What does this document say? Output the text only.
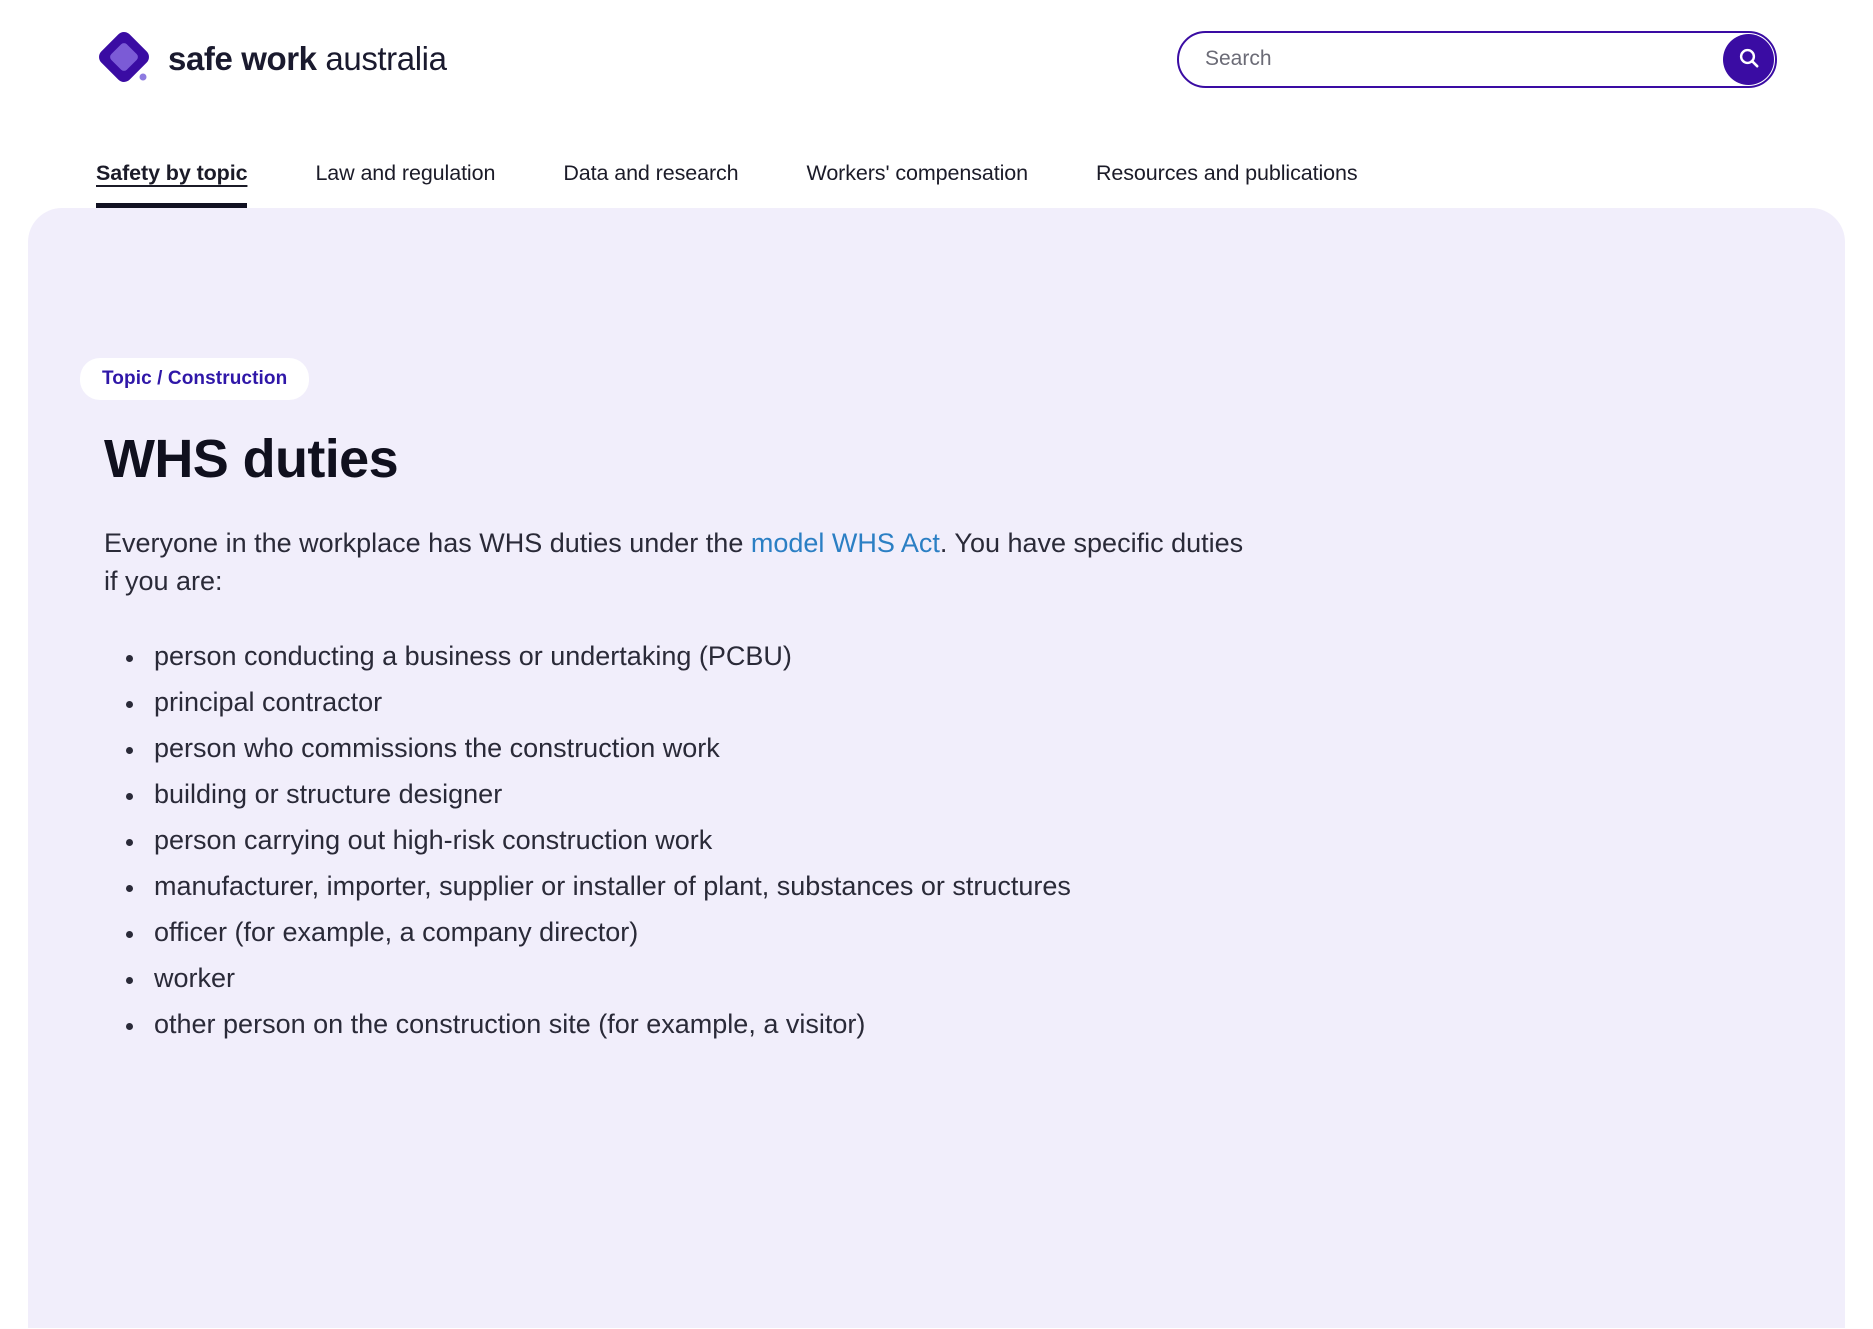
safe work australia
Search
Safety by topic	Law and regulation	Data and research	Workers' compensation	Resources and publications
Topic / Construction
WHS duties

Everyone in the workplace has WHS duties under the model WHS Act. You have specific duties if you are:

• person conducting a business or undertaking (PCBU)
• principal contractor
• person who commissions the construction work
• building or structure designer
• person carrying out high-risk construction work
• manufacturer, importer, supplier or installer of plant, substances or structures
• officer (for example, a company director)
• worker
• other person on the construction site (for example, a visitor)
